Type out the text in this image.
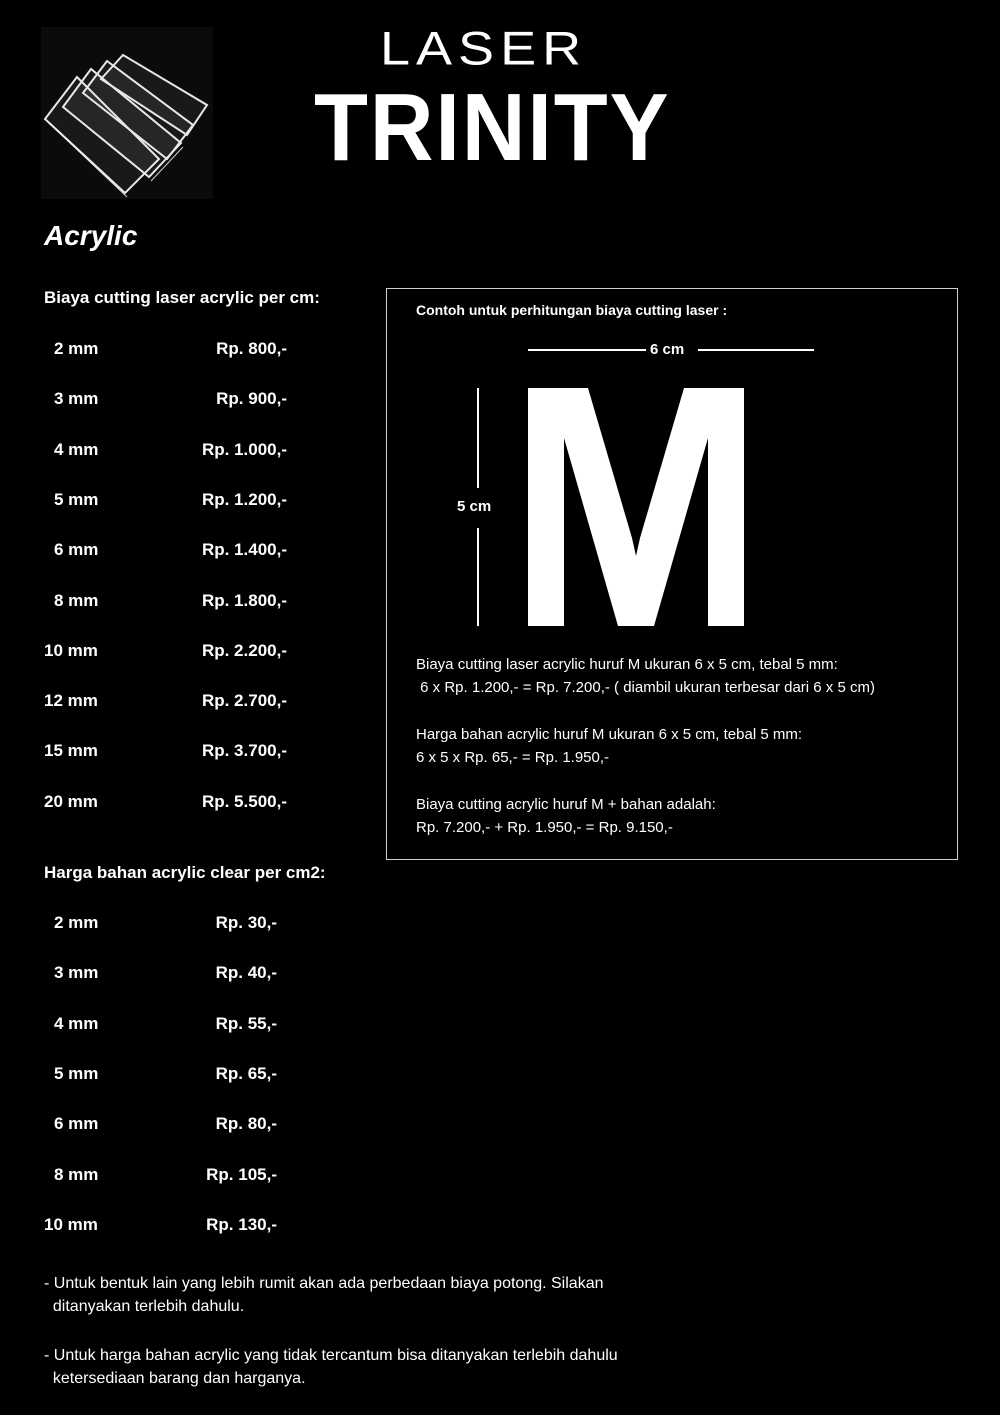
LASER
TRINITY
Acrylic
Biaya cutting laser acrylic per cm:
2 mm	Rp. 800,-
3 mm	Rp. 900,-
4 mm	Rp. 1.000,-
5 mm	Rp. 1.200,-
6 mm	Rp. 1.400,-
8 mm	Rp. 1.800,-
10 mm	Rp. 2.200,-
12 mm	Rp. 2.700,-
15 mm	Rp. 3.700,-
20 mm	Rp. 5.500,-
Harga bahan acrylic clear per cm2:
2 mm	Rp. 30,-
3 mm	Rp. 40,-
4 mm	Rp. 55,-
5 mm	Rp. 65,-
6 mm	Rp. 80,-
8 mm	Rp. 105,-
10 mm	Rp. 130,-
Contoh untuk perhitungan biaya cutting laser :
6 cm
5 cm
Biaya cutting laser acrylic huruf M ukuran 6 x 5 cm, tebal 5 mm:
6 x Rp. 1.200,- = Rp. 7.200,- ( diambil ukuran terbesar dari 6 x 5 cm)
Harga bahan acrylic huruf M ukuran 6 x 5 cm, tebal 5 mm:
6 x 5 x Rp. 65,- = Rp. 1.950,-
Biaya cutting acrylic huruf M + bahan adalah:
Rp. 7.200,- + Rp. 1.950,- = Rp. 9.150,-
- Untuk bentuk lain yang lebih rumit akan ada perbedaan biaya potong. Silakan
ditanyakan terlebih dahulu.
- Untuk harga bahan acrylic yang tidak tercantum bisa ditanyakan terlebih dahulu
ketersediaan barang dan harganya.
